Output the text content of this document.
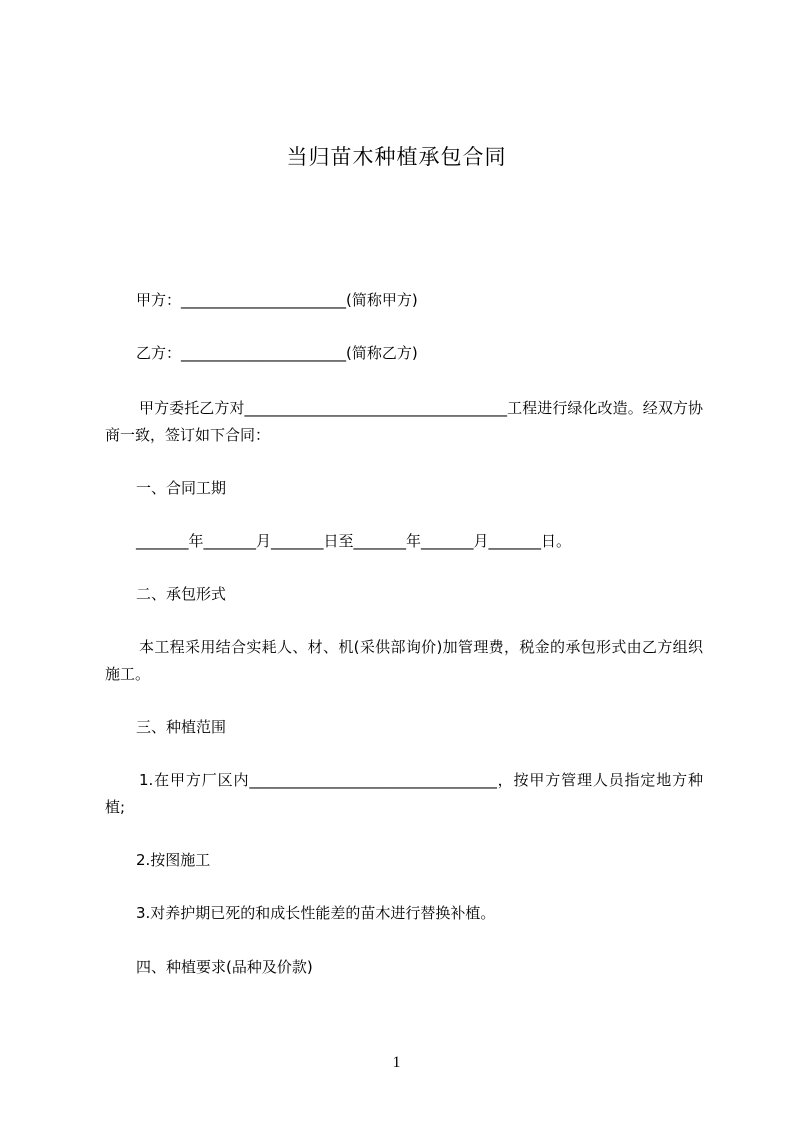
当归苗木种植承包合同
甲方：______________________(简称甲方)
乙方：______________________(简称乙方)
甲方委托乙方对___________________________________工程进行绿化改造。经双方协商一致，签订如下合同：
一、合同工期
_______年_______月_______日至_______年_______月_______日。
二、承包形式
本工程采用结合实耗人、材、机(采供部询价)加管理费，税金的承包形式由乙方组织施工。
三、种植范围
1.在甲方厂区内_________________________________，按甲方管理人员指定地方种植;
2.按图施工
3.对养护期已死的和成长性能差的苗木进行替换补植。
四、种植要求(品种及价款)
1
